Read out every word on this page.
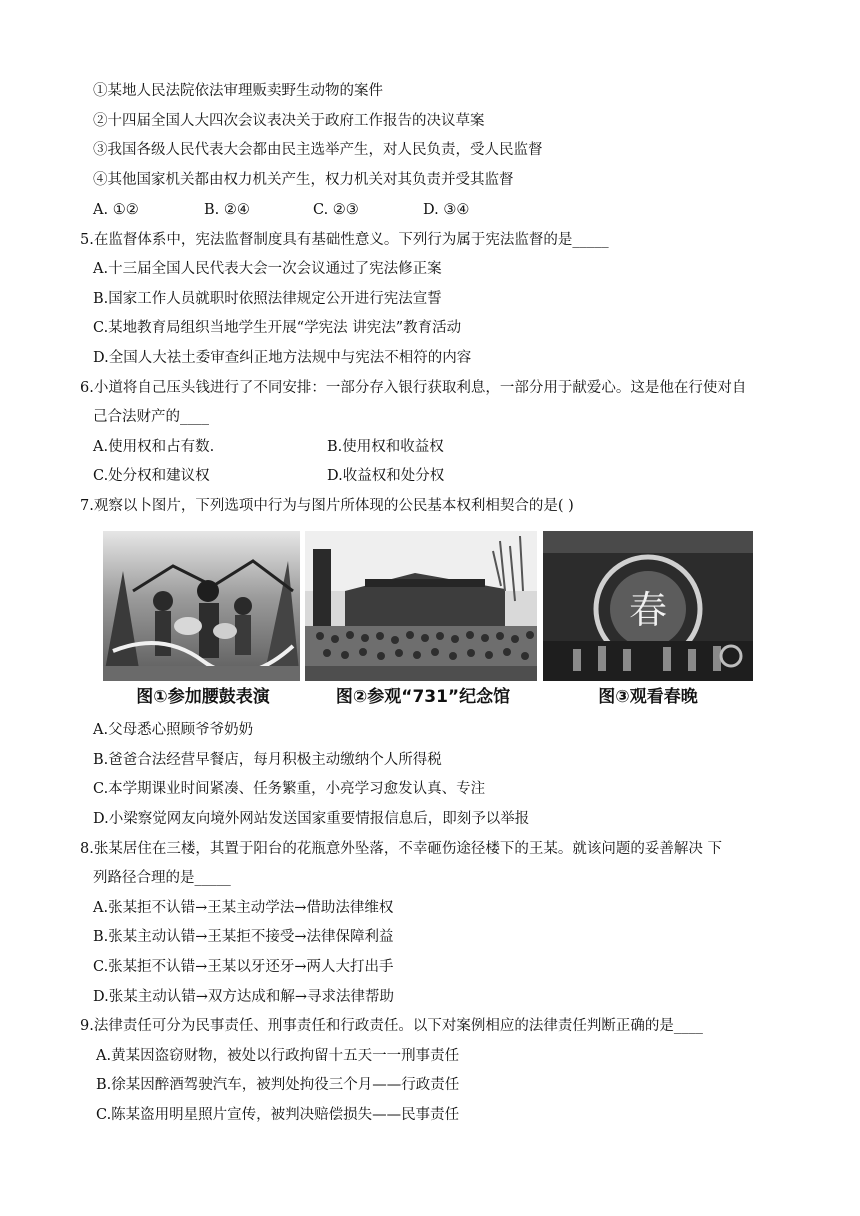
①某地人民法院依法审理贩卖野生动物的案件
②十四届全国人大四次会议表决关于政府工作报告的决议草案
③我国各级人民代表大会都由民主选举产生，对人民负责，受人民监督
④其他国家机关都由权力机关产生，权力机关对其负责并受其监督
A. ①②	B. ②④	C. ②③	D. ③④
5.在监督体系中，宪法监督制度具有基础性意义。下列行为属于宪法监督的是_____
A.十三届全国人民代表大会一次会议通过了宪法修正案
B.国家工作人员就职时依照法律规定公开进行宪法宣誓
C.某地教育局组织当地学生开展“学宪法 讲宪法”教育活动
D.全国人大祛土委审查纠正地方法规中与宪法不相符的内容
6.小道将自己压头钱进行了不同安排：一部分存入银行获取利息，一部分用于献爱心。这是他在行使对自
己合法财产的____
A.使用权和占有数.	B.使用权和收益权
C.处分权和建议权	D.收益权和处分权
7.观察以卜图片，下列选项中行为与图片所体现的公民基本权利相契合的是( )
春
图①参加腰鼓表演	图②参观“731”纪念馆	图③观看春晚
A.父母悉心照顾爷爷奶奶
B.爸爸合法经营早餐店，每月积极主动缴纳个人所得税
C.本学期课业时间紧凑、任务繁重，小亮学习愈发认真、专注
D.小梁察觉网友向境外网站发送国家重要情报信息后，即刻予以举报
8.张某居住在三楼，其置于阳台的花瓶意外坠落，不幸砸伤途径楼下的王某。就该问题的妥善解决 下
列路径合理的是_____
A.张某拒不认错→王某主动学法→借助法律维权
B.张某主动认错→王某拒不接受→法律保障利益
C.张某拒不认错→王某以牙还牙→两人大打出手
D.张某主动认错→双方达成和解→寻求法律帮助
9.法律责任可分为民事责任、刑事责任和行政责任。以下对案例相应的法律责任判断正确的是____
A.黄某因盗窃财物，被处以行政拘留十五天一一刑事责任
B.徐某因醉酒驾驶汽车，被判处拘役三个月——行政责任
C.陈某盗用明星照片宣传，被判决赔偿损失——民事责任
